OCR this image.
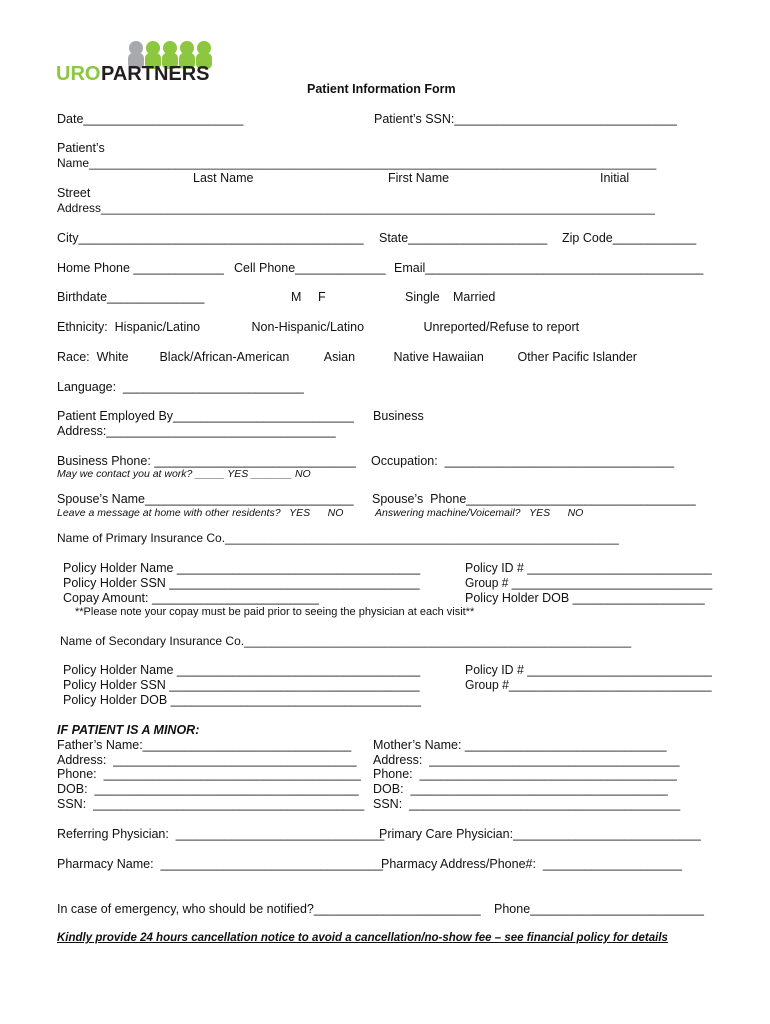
URO PARTNERS
Patient Information Form
Date_______________________	Patient’s SSN:________________________________
Patient’s
Name_____________________________________________________________________________________
Last Name	First Name	Initial
Street
Address___________________________________________________________________________________
City_________________________________________ State____________________ Zip Code____________
Home Phone _____________ Cell Phone_____________ Email________________________________________
Birthdate______________	M F	Single Married
Ethnicity:  Hispanic/Latino	Non-Hispanic/Latino	Unreported/Refuse to report
Race:  White Black/African-American	Asian	Native Hawaiian Other Pacific Islander
Language:  __________________________
Patient Employed By__________________________ Business
Address:_________________________________
Business Phone: _____________________________ Occupation:  _________________________________
May we contact you at work? _____ YES _______ NO
Spouse’s Name______________________________ Spouse’s  Phone_________________________________
Leave a message at home with other residents?   YES      NO	Answering machine/Voicemail?   YES      NO
Name of Primary Insurance Co.___________________________________________________________
Policy Holder Name ___________________________________
Policy Holder SSN ____________________________________
Copay Amount: ________________________
Policy ID # ___________________________
Group # ______________________________
Policy Holder DOB ___________________
**Please note your copay must be paid prior to seeing the physician at each visit**
Name of Secondary Insurance Co.__________________________________________________________
Policy Holder Name ___________________________________
Policy Holder SSN ____________________________________
Policy Holder DOB ____________________________________
Policy ID # ___________________________
Group #______________________________
IF PATIENT IS A MINOR:
Father’s Name:______________________________
Address:  ___________________________________
Phone:  _____________________________________
DOB:  ______________________________________
SSN:  _______________________________________
Mother’s Name: _____________________________
Address:  ____________________________________
Phone:  _____________________________________
DOB:  _____________________________________
SSN:  _______________________________________
Referring Physician:  ______________________________
Primary Care Physician:___________________________
Pharmacy Name:  ________________________________
Pharmacy Address/Phone#:  ____________________
In case of emergency, who should be notified?________________________ Phone_________________________
Kindly provide 24 hours cancellation notice to avoid a cancellation/no-show fee – see financial policy for details
